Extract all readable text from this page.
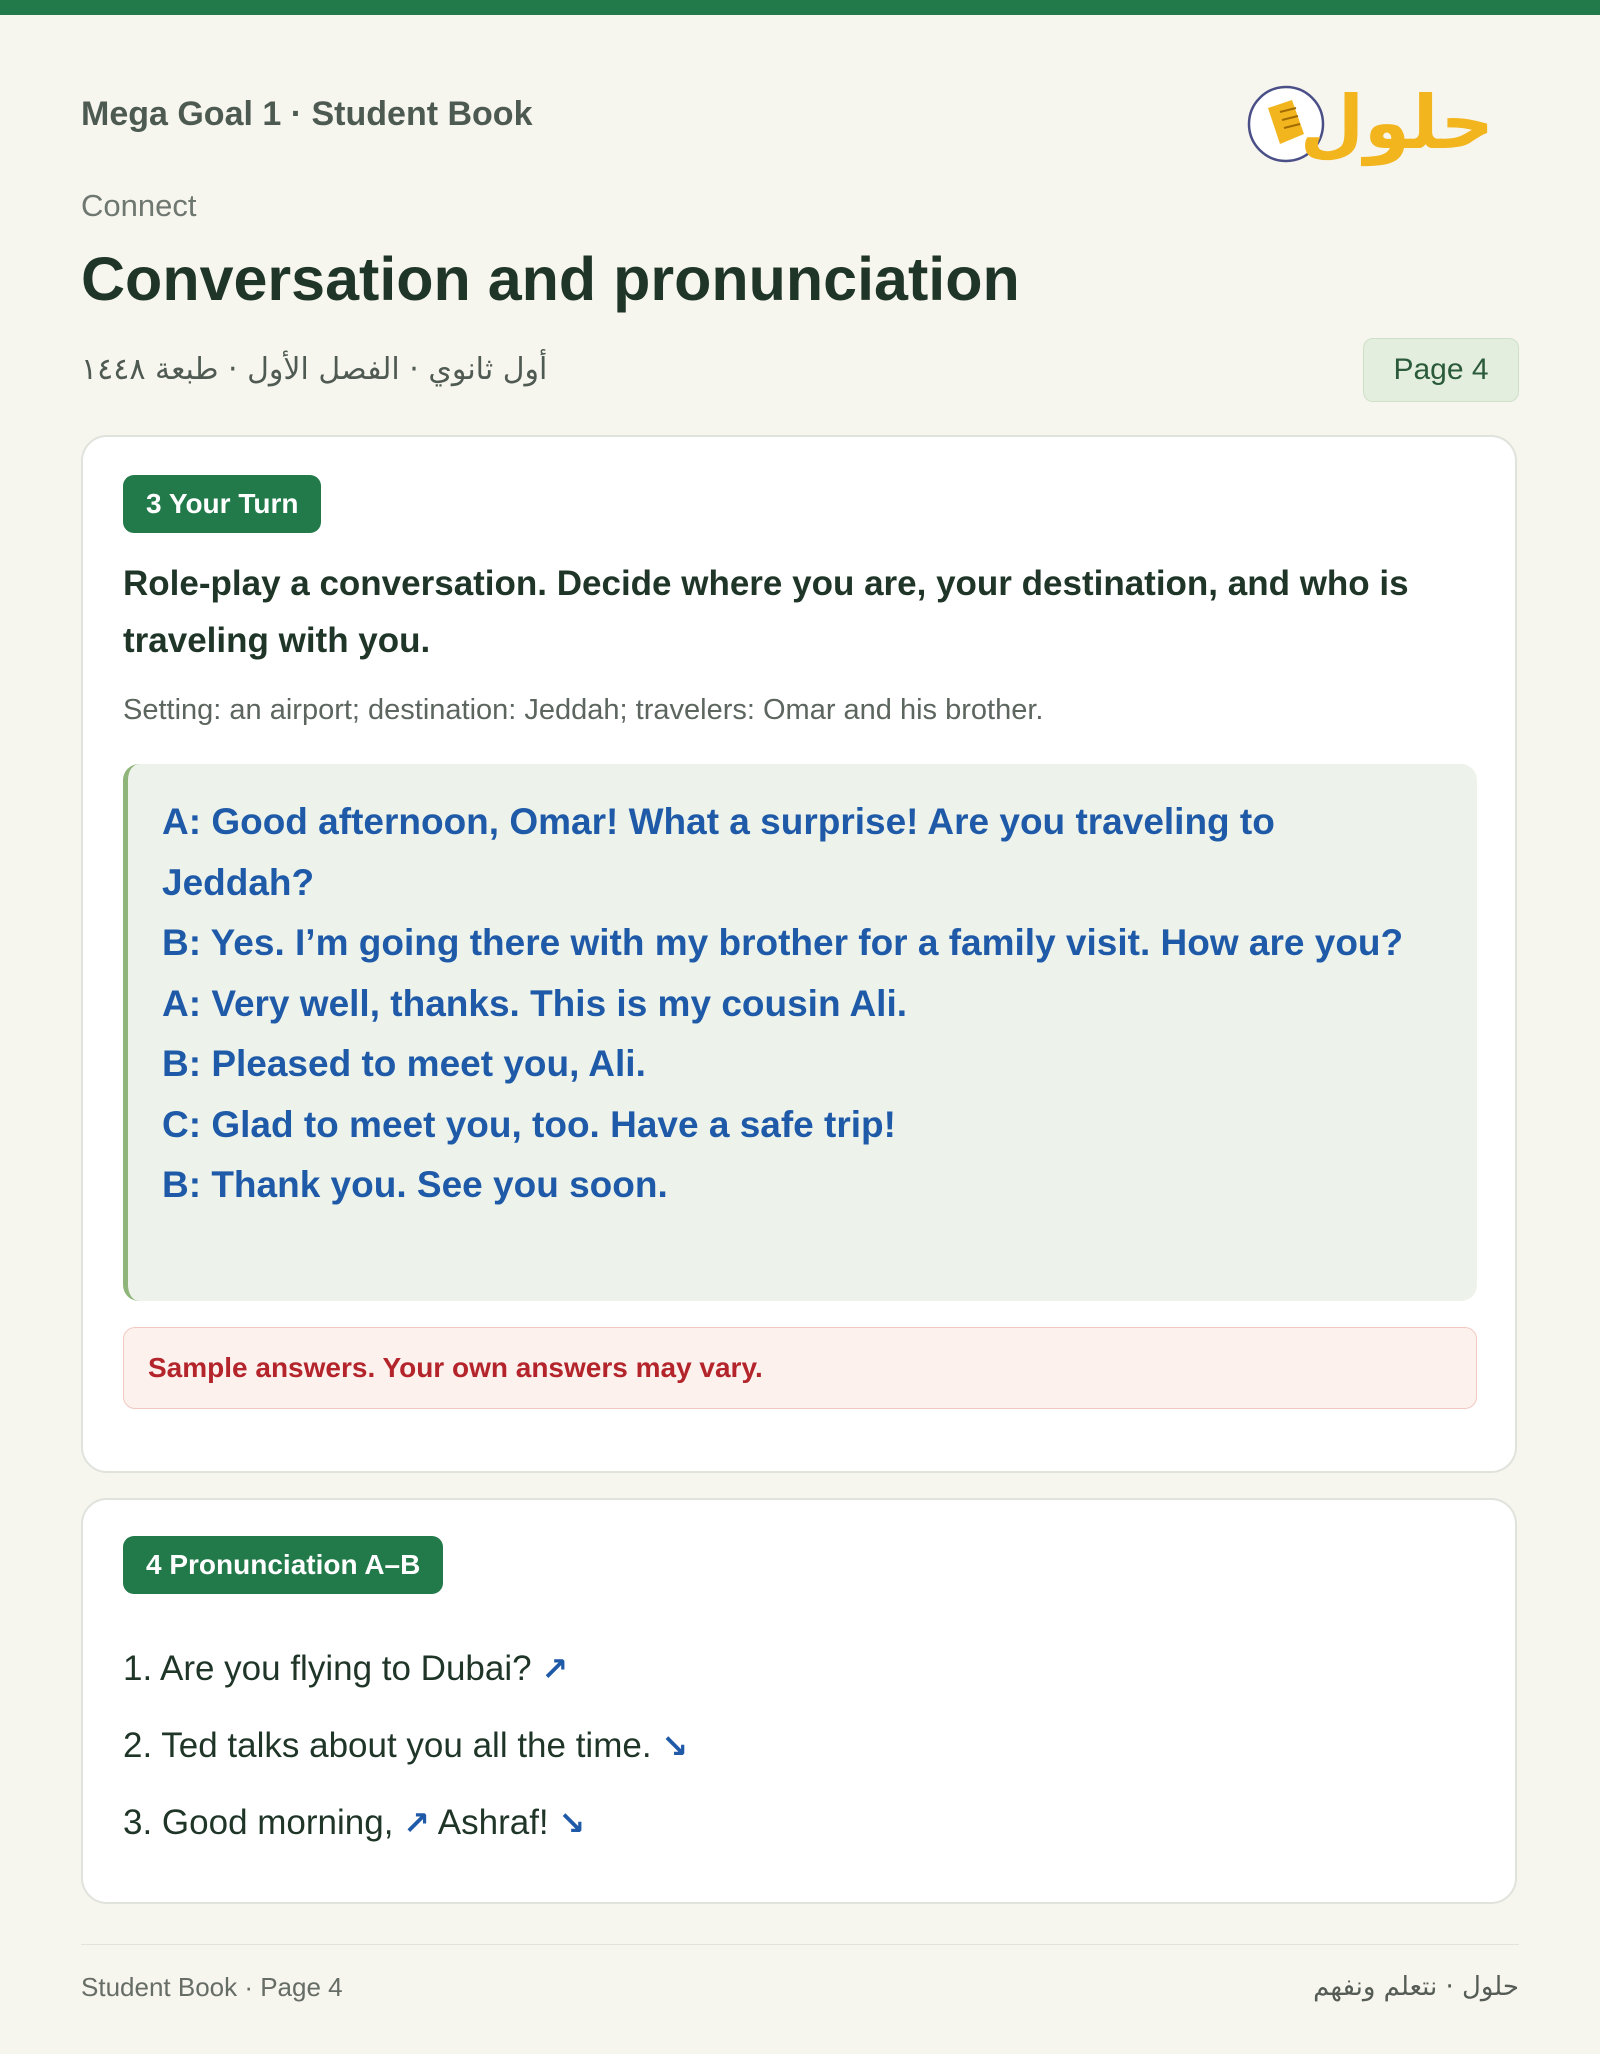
Mega Goal 1 · Student Book	حلول
Connect
Conversation and pronunciation
أول ثانوي · الفصل الأول · طبعة ١٤٤٨	Page 4
3 Your Turn
Role-play a conversation. Decide where you are, your destination, and who is traveling with you.
Setting: an airport; destination: Jeddah; travelers: Omar and his brother.
A: Good afternoon, Omar! What a surprise! Are you traveling to Jeddah?
B: Yes. I’m going there with my brother for a family visit. How are you?
A: Very well, thanks. This is my cousin Ali.
B: Pleased to meet you, Ali.
C: Glad to meet you, too. Have a safe trip!
B: Thank you. See you soon.
Sample answers. Your own answers may vary.
4 Pronunciation A–B
1. Are you flying to Dubai? ↗
2. Ted talks about you all the time. ↘
3. Good morning, ↗ Ashraf! ↘
Student Book · Page 4	حلول · نتعلم ونفهم
